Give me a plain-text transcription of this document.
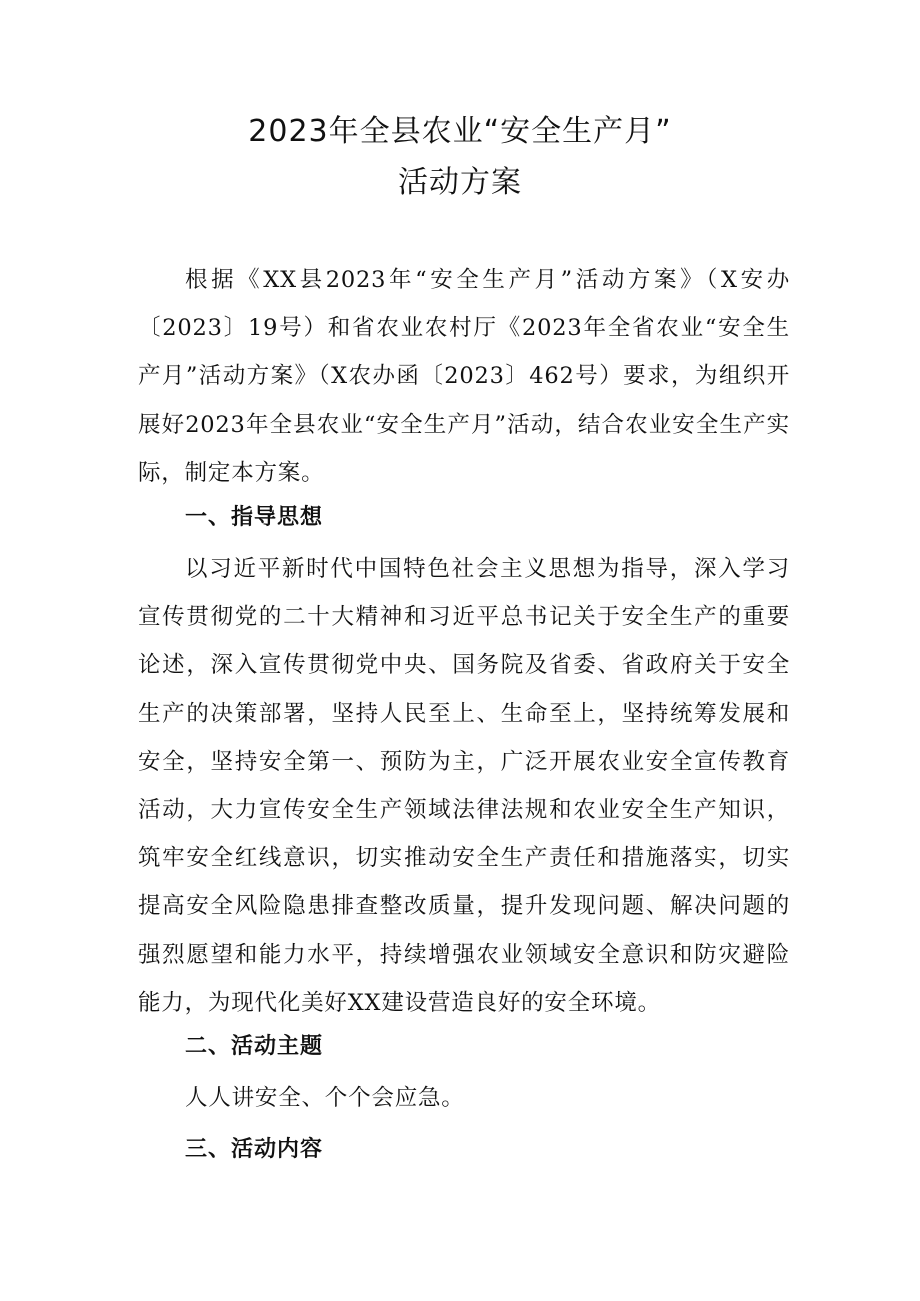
2023年全县农业“安全生产月”
活动方案

根据《XX县2023年“安全生产月”活动方案》（X安办〔2023〕19号）和省农业农村厅《2023年全省农业“安全生产月”活动方案》（X农办函〔2023〕462号）要求，为组织开展好2023年全县农业“安全生产月”活动，结合农业安全生产实际，制定本方案。

一、指导思想

以习近平新时代中国特色社会主义思想为指导，深入学习宣传贯彻党的二十大精神和习近平总书记关于安全生产的重要论述，深入宣传贯彻党中央、国务院及省委、省政府关于安全生产的决策部署，坚持人民至上、生命至上，坚持统筹发展和安全，坚持安全第一、预防为主，广泛开展农业安全宣传教育活动，大力宣传安全生产领域法律法规和农业安全生产知识，筑牢安全红线意识，切实推动安全生产责任和措施落实，切实提高安全风险隐患排查整改质量，提升发现问题、解决问题的强烈愿望和能力水平，持续增强农业领域安全意识和防灾避险能力，为现代化美好XX建设营造良好的安全环境。

二、活动主题

人人讲安全、个个会应急。

三、活动内容
